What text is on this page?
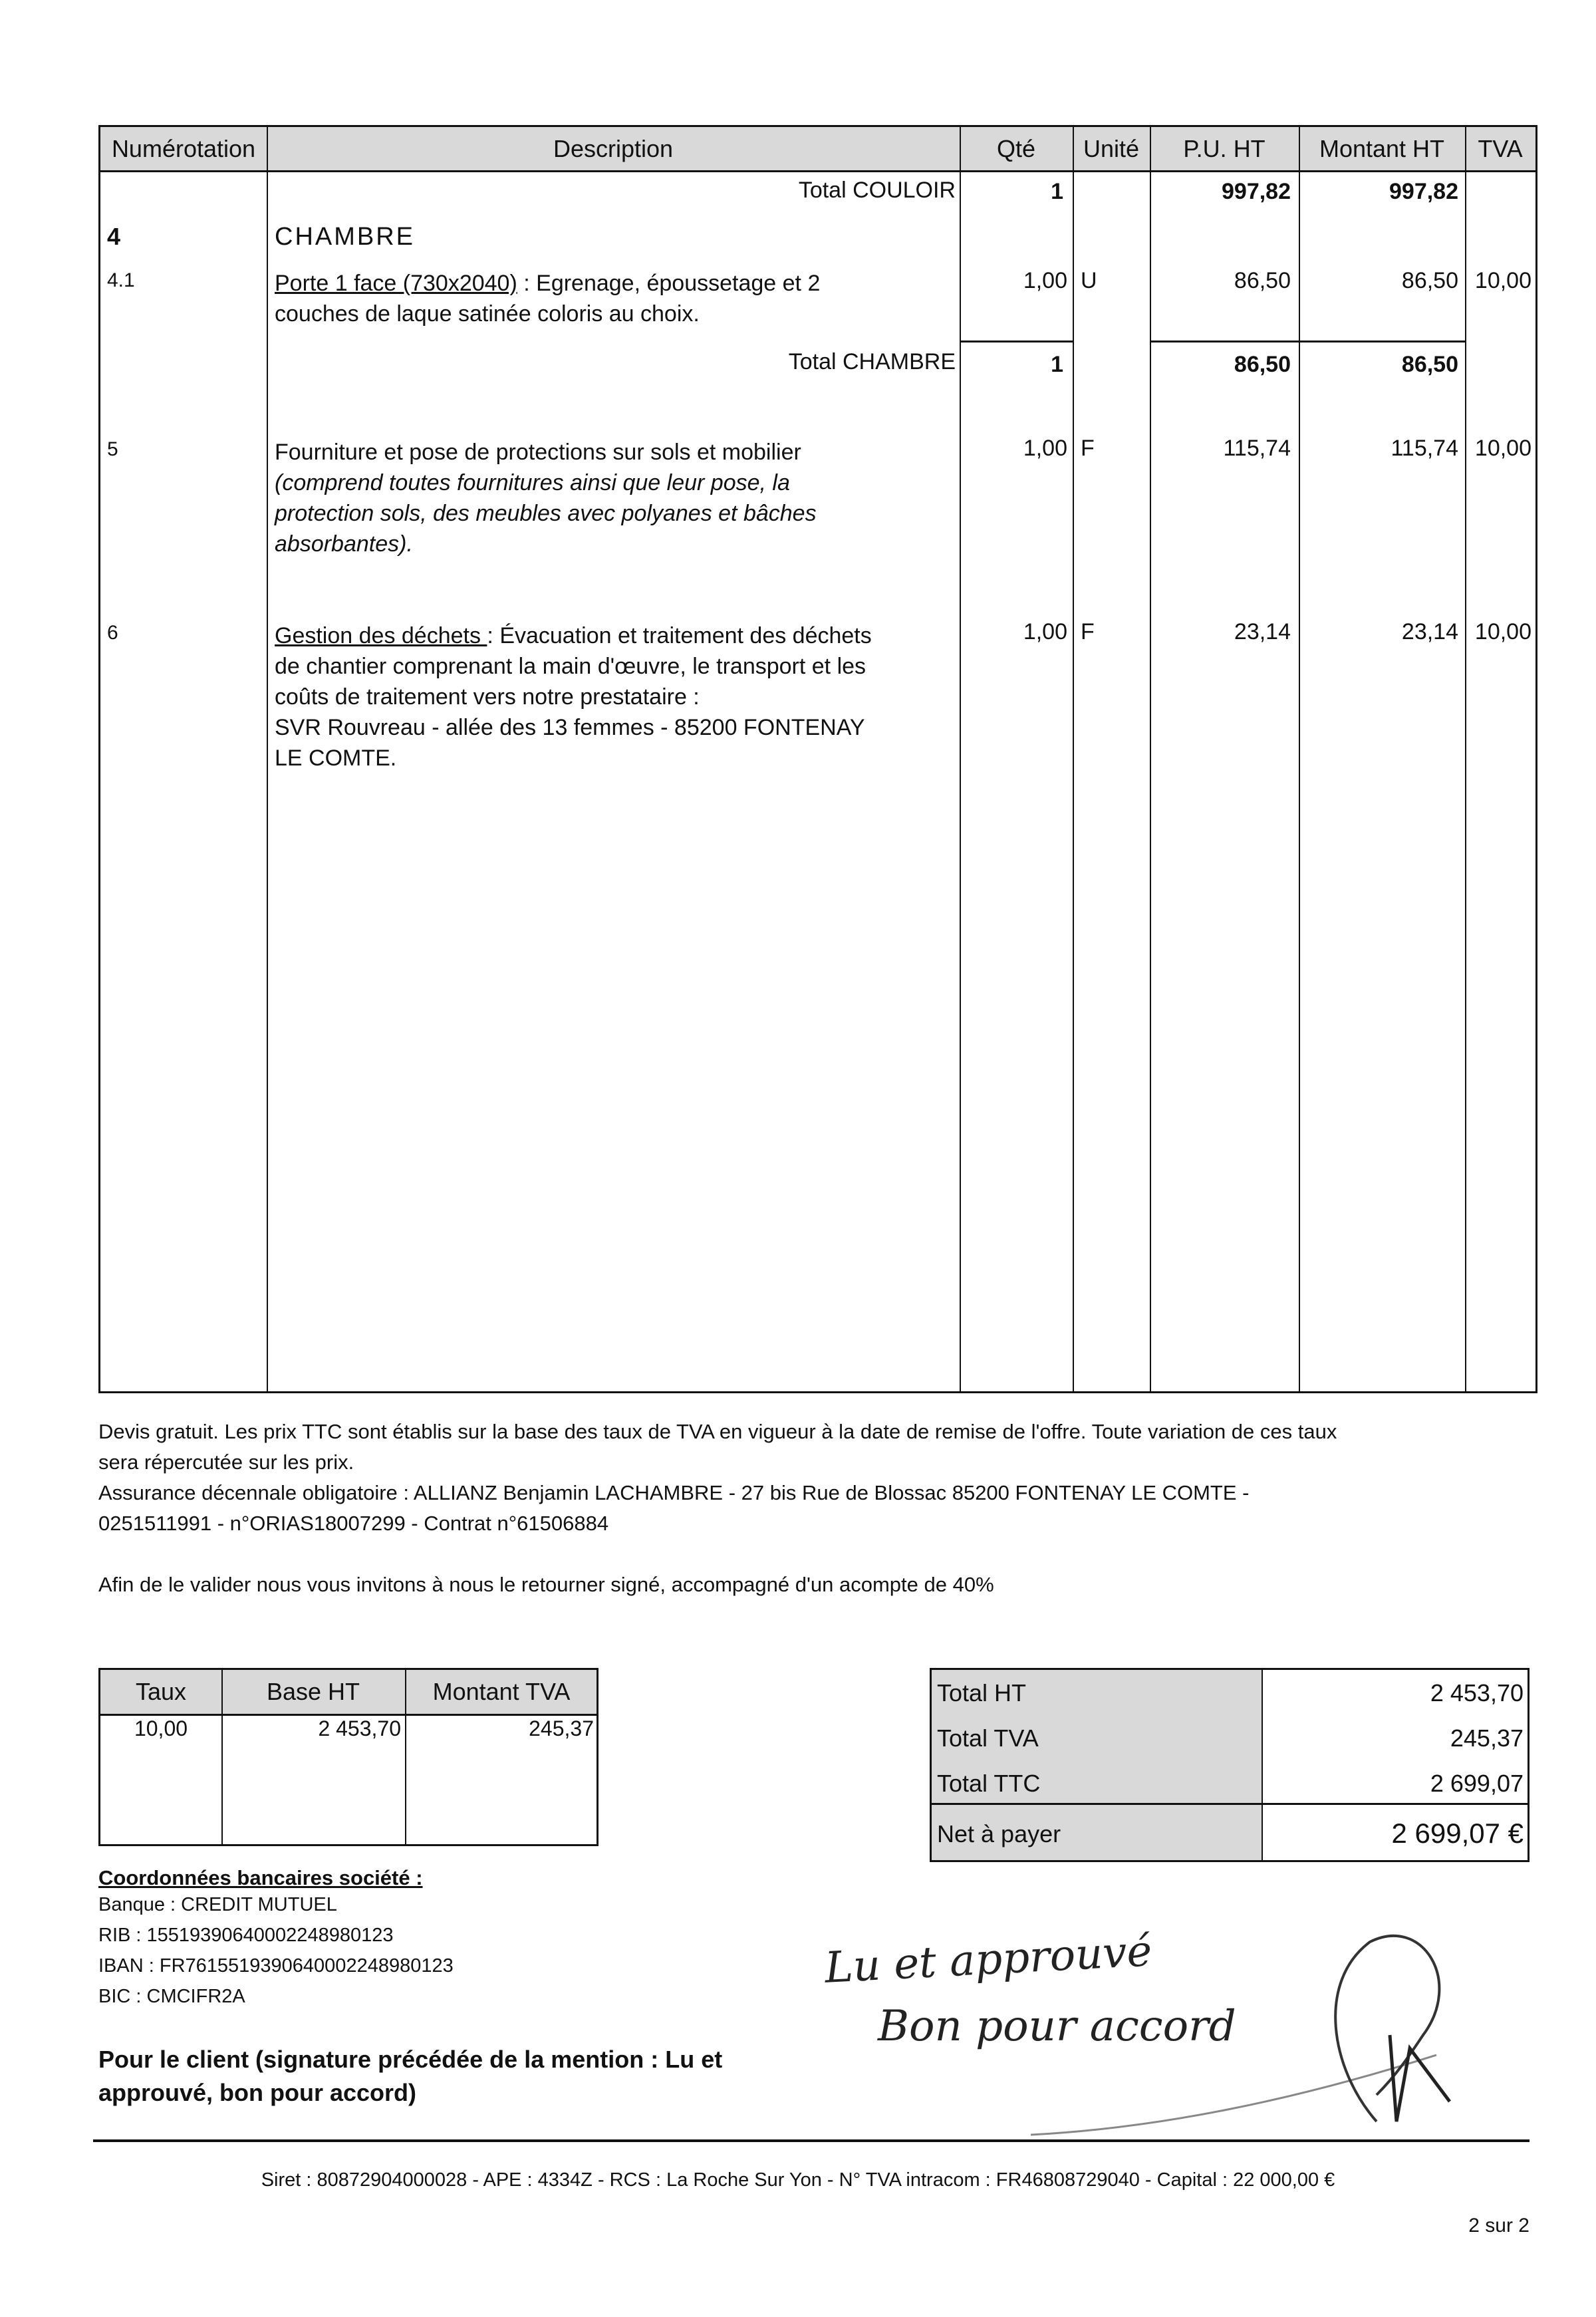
Numérotation	Description	Qté	Unité	P.U. HT	Montant HT	TVA
Total COULOIR	1	997,82	997,82
4	CHAMBRE
4.1	Porte 1 face (730x2040) : Egrenage, époussetage et 2
couches de laque satinée coloris au choix.
1,00 U	86,50	86,50 10,00
Total CHAMBRE	1	86,50	86,50
5	Fourniture et pose de protections sur sols et mobilier
(comprend toutes fournitures ainsi que leur pose, la
protection sols, des meubles avec polyanes et bâches
absorbantes).
1,00 F	115,74	115,74 10,00
6	Gestion des déchets : Évacuation et traitement des déchets
de chantier comprenant la main d'œuvre, le transport et les
coûts de traitement vers notre prestataire :
SVR Rouvreau - allée des 13 femmes - 85200 FONTENAY
LE COMTE.
1,00 F	23,14	23,14 10,00
Devis gratuit. Les prix TTC sont établis sur la base des taux de TVA en vigueur à la date de remise de l'offre. Toute variation de ces taux
sera répercutée sur les prix.
Assurance décennale obligatoire : ALLIANZ Benjamin LACHAMBRE - 27 bis Rue de Blossac 85200 FONTENAY LE COMTE -
0251511991 - n°ORIAS18007299 - Contrat n°61506884
Afin de le valider nous vous invitons à nous le retourner signé, accompagné d'un acompte de 40%
Taux	Base HT	Montant TVA
10,00	2 453,70	245,37
Total HT	2 453,70
Total TVA	245,37
Total TTC	2 699,07
Net à payer	2 699,07 €
Coordonnées bancaires société :
Banque : CREDIT MUTUEL
RIB : 15519390640002248980123
IBAN : FR7615519390640002248980123
BIC : CMCIFR2A
Pour le client (signature précédée de la mention : Lu et
approuvé, bon pour accord)
Lu et approuvé
Bon pour accord
Siret : 80872904000028 - APE : 4334Z - RCS : La Roche Sur Yon - N° TVA intracom : FR46808729040 - Capital : 22 000,00 €
2 sur 2
